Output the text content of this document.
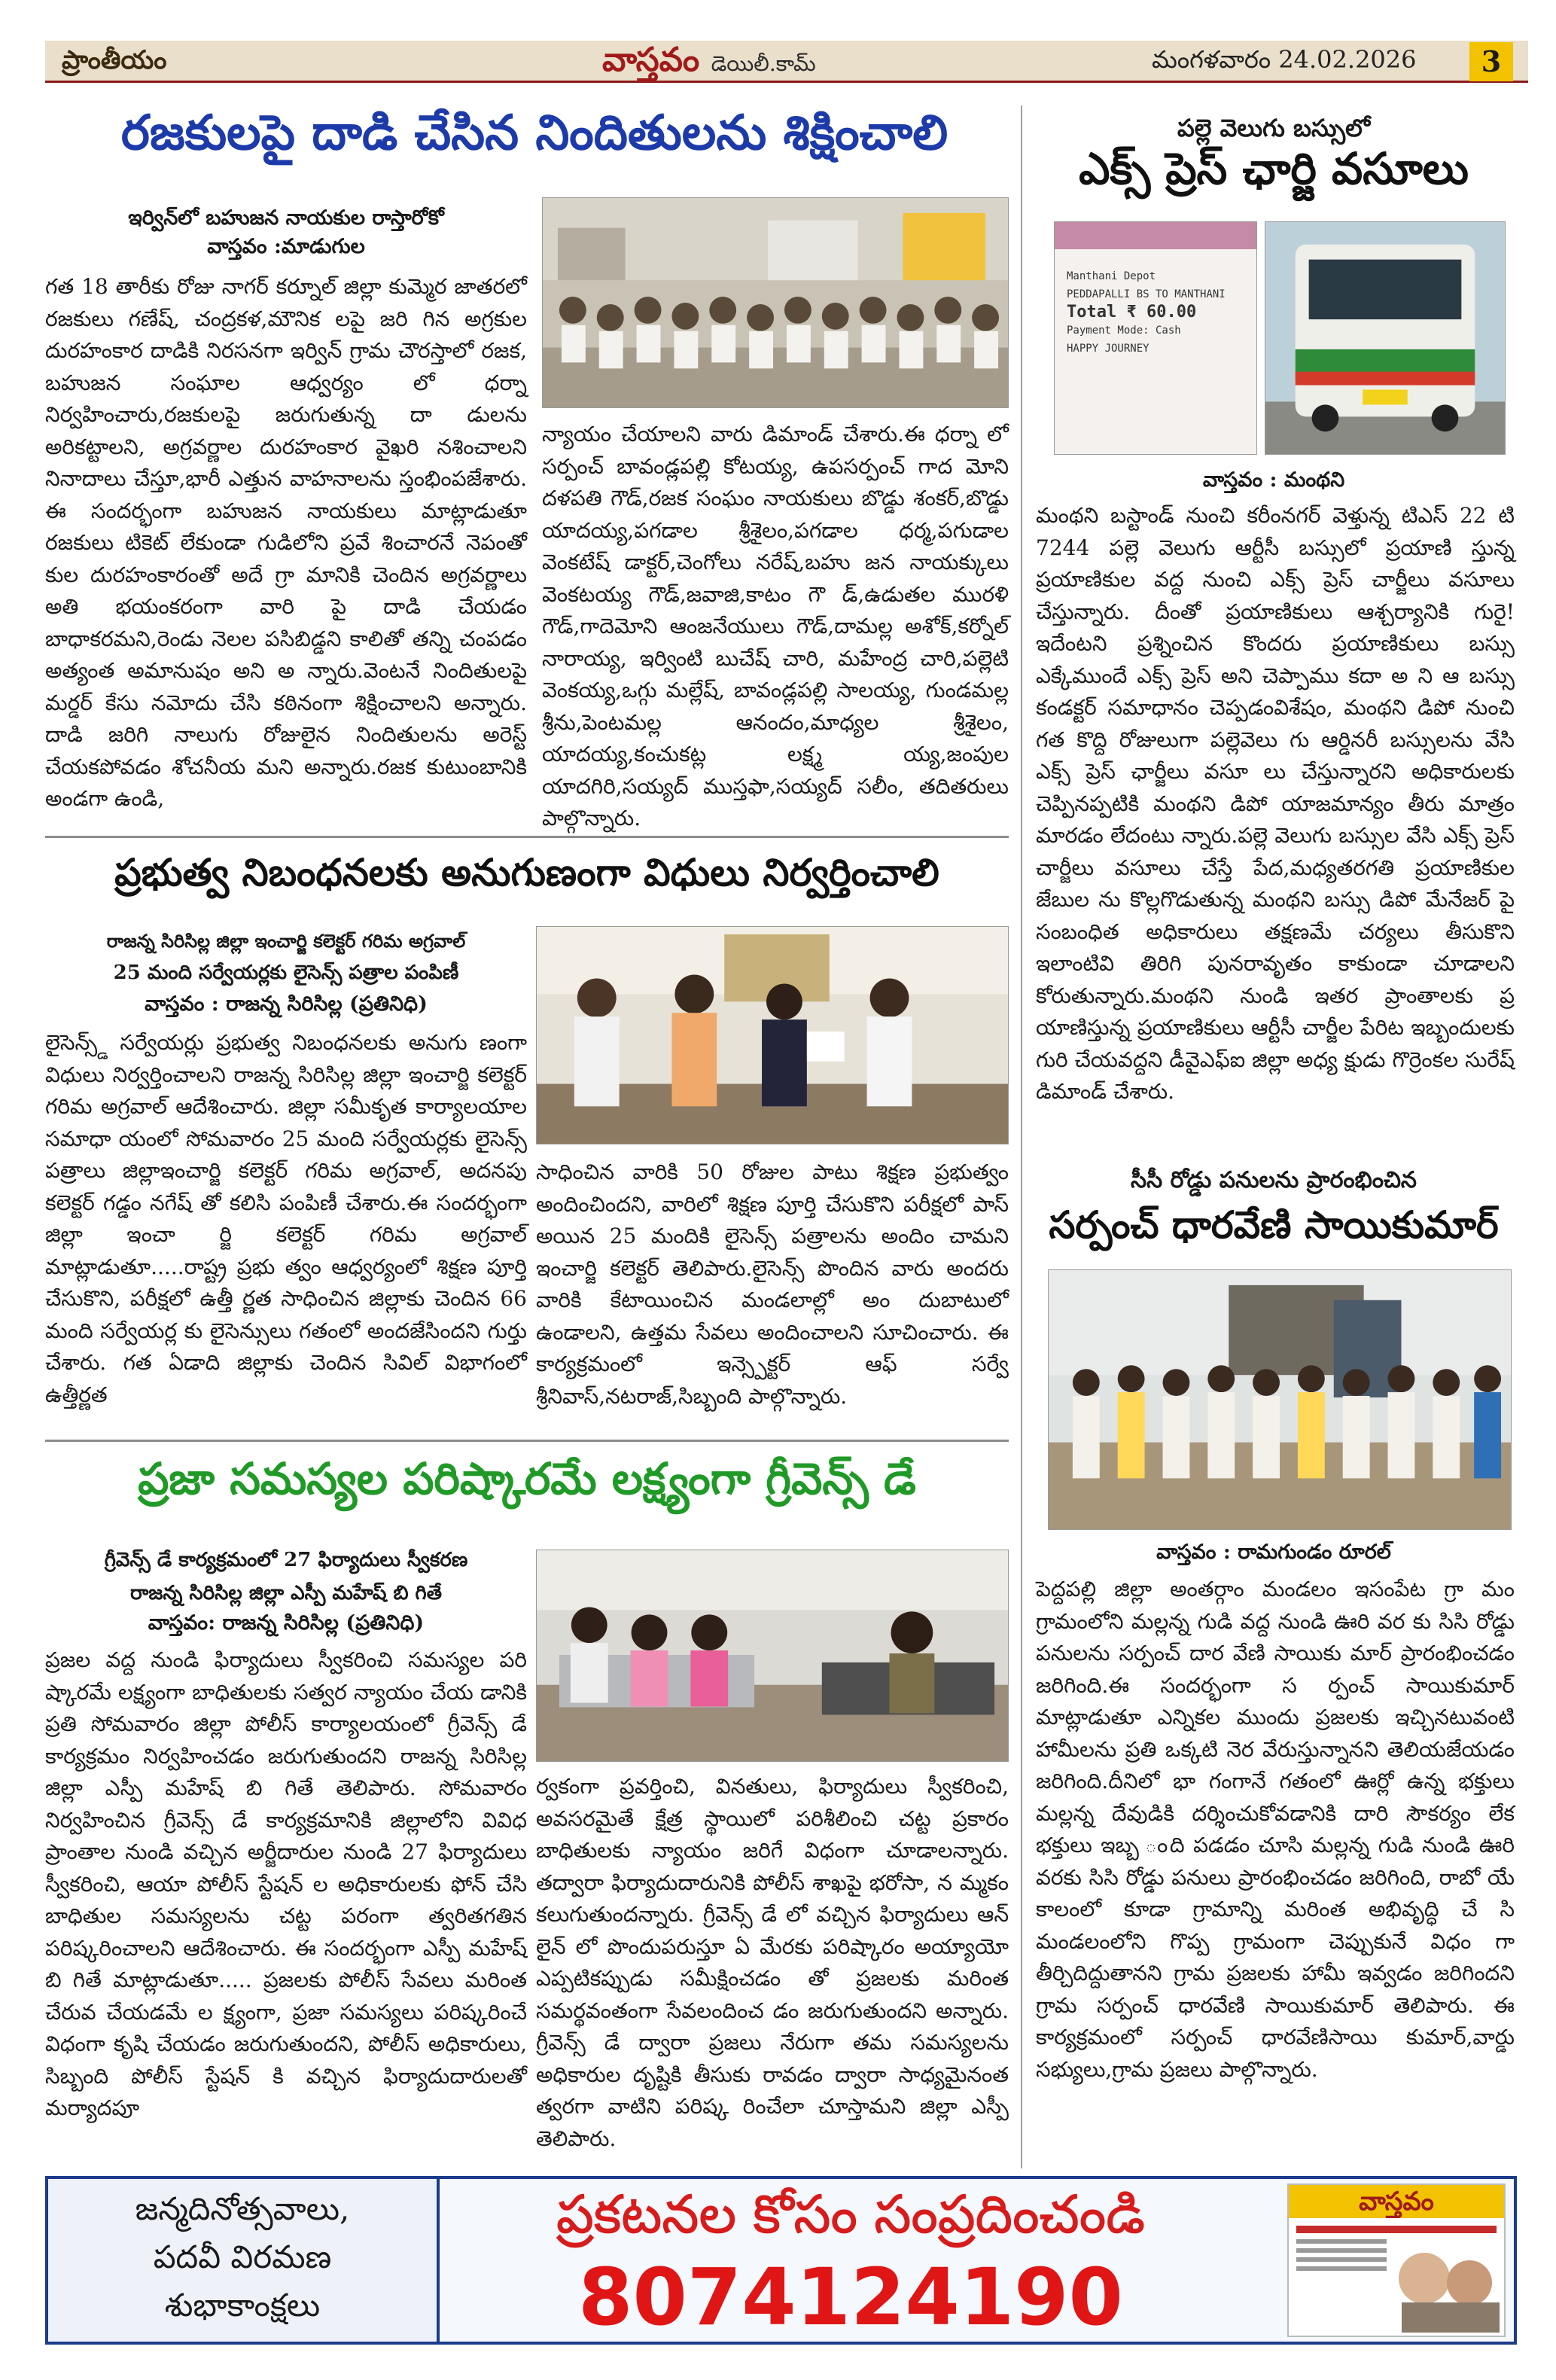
ప్రాంతీయం	వాస్తవం డెయిలీ.కామ్	మంగళవారం 24.02.2026	3
రజకులపై దాడి చేసిన నిందితులను శిక్షించాలి
ఇర్విన్‌లో బహుజన నాయకుల రాస్తారోకో
వాస్తవం :మాడుగుల
గత 18 తారీకు రోజు నాగర్ కర్నూల్ జిల్లా కుమ్మెర జాతరలో రజకులు గణేష్, చంద్రకళ,మౌనిక లపై జరి గిన అగ్రకుల దురహంకార దాడికి నిరసనగా ఇర్విన్ గ్రామ చౌరస్తాలో రజక, బహుజన సంఘాల ఆధ్వర్యం లో ధర్నా నిర్వహించారు,రజకులపై జరుగుతున్న దా డులను అరికట్టాలని, అగ్రవర్ణాల దురహంకార వైఖరి నశించాలని నినాదాలు చేస్తూ,భారీ ఎత్తున వాహనాలను స్తంభింపజేశారు. ఈ సందర్భంగా బహుజన నాయకులు మాట్లాడుతూ రజకులు టికెట్ లేకుండా గుడిలోని ప్రవే శించారనే నెపంతో కుల దురహంకారంతో అదే గ్రా మానికి చెందిన అగ్రవర్ణాలు అతి భయంకరంగా వారి పై దాడి చేయడం బాధాకరమని,రెండు నెలల పసిబిడ్డని కాలితో తన్ని చంపడం అత్యంత అమానుషం అని అ న్నారు.వెంటనే నిందితులపై మర్డర్ కేసు నమోదు చేసి కఠినంగా శిక్షించాలని అన్నారు. దాడి జరిగి నాలుగు రోజులైన నిందితులను అరెస్ట్ చేయకపోవడం శోచనీయ మని అన్నారు.రజక కుటుంబానికి అండగా ఉండి,
న్యాయం చేయాలని వారు డిమాండ్ చేశారు.ఈ ధర్నా లో సర్పంచ్ బావండ్లపల్లి కోటయ్య, ఉపసర్పంచ్ గాద మోని దళపతి గౌడ్,రజక సంఘం నాయకులు బొడ్డు శంకర్,బొడ్డు యాదయ్య,పగడాల శ్రీశైలం,పగడాల ధర్మ,పగుడాల వెంకటేష్ డాక్టర్,చెంగోలు నరేష్,బహు జన నాయక్కులు వెంకటయ్య గౌడ్,జవాజి,కాటం గౌ డ్,ఉడుతల మురళి గౌడ్,గాదెమోని ఆంజనేయులు గౌడ్,దామల్ల అశోక్,కర్నోల్ నారాయ్య, ఇర్వింటి బుచేష్ చారి, మహేంద్ర చారి,పల్లెటి వెంకయ్య,ఒగ్గు మల్లేష్, బావండ్లపల్లి సాలయ్య, గుండమల్ల శ్రీను,పెంటమల్ల ఆనందం,మాధ్యల శ్రీశైలం, యాదయ్య,కంచుకట్ల లక్ష్మ య్య,జంపుల యాదగిరి,సయ్యద్ ముస్తఫా,సయ్యద్ సలీం, తదితరులు పాల్గొన్నారు.
ప్రభుత్వ నిబంధనలకు అనుగుణంగా విధులు నిర్వర్తించాలి
రాజన్న సిరిసిల్ల జిల్లా ఇంచార్జి కలెక్టర్ గరిమ అగ్రవాల్
25 మంది సర్వేయర్లకు లైసెన్స్ పత్రాల పంపిణీ
వాస్తవం : రాజన్న సిరిసిల్ల (ప్రతినిధి)
లైసెన్స్డ్ సర్వేయర్లు ప్రభుత్వ నిబంధనలకు అనుగు ణంగా విధులు నిర్వర్తించాలని రాజన్న సిరిసిల్ల జిల్లా ఇంచార్జి కలెక్టర్ గరిమ అగ్రవాల్ ఆదేశించారు. జిల్లా సమీకృత కార్యాలయాల సమాధా యంలో సోమవారం 25 మంది సర్వేయర్లకు లైసెన్స్ పత్రాలు జిల్లాఇంచార్జి కలెక్టర్ గరిమ అగ్రవాల్, అదనపు కలెక్టర్ గడ్డం నగేష్ తో కలిసి పంపిణీ చేశారు.ఈ సందర్భంగా జిల్లా ఇంచా ర్జి కలెక్టర్ గరిమ అగ్రవాల్ మాట్లాడుతూ.....రాష్ట్ర ప్రభు త్వం ఆధ్వర్యంలో శిక్షణ పూర్తి చేసుకొని, పరీక్షలో ఉత్తీ ర్ణత సాధించిన జిల్లాకు చెందిన 66 మంది సర్వేయర్ల కు లైసెన్సులు గతంలో అందజేసిందని గుర్తు చేశారు. గత ఏడాది జిల్లాకు చెందిన సివిల్ విభాగంలో ఉత్తీర్ణత
సాధించిన వారికి 50 రోజుల పాటు శిక్షణ ప్రభుత్వం అందించిందని, వారిలో శిక్షణ పూర్తి చేసుకొని పరీక్షలో పాస్ అయిన 25 మందికి లైసెన్స్ పత్రాలను అందిం చామని ఇంచార్జి కలెక్టర్ తెలిపారు.లైసెన్స్ పొందిన వారు అందరు వారికి కేటాయించిన మండలాల్లో అం దుబాటులో ఉండాలని, ఉత్తమ సేవలు అందించాలని సూచించారు. ఈ కార్యక్రమంలో ఇన్స్పెక్టర్ ఆఫ్ సర్వే శ్రీనివాస్,నటరాజ్,సిబ్బంది పాల్గొన్నారు.
ప్రజా సమస్యల పరిష్కారమే లక్ష్యంగా గ్రీవెన్స్ డే
గ్రీవెన్స్ డే కార్యక్రమంలో 27 ఫిర్యాదులు స్వీకరణ
రాజన్న సిరిసిల్ల జిల్లా ఎస్పీ మహేష్ బి గితే
వాస్తవం: రాజన్న సిరిసిల్ల (ప్రతినిధి)
ప్రజల వద్ద నుండి ఫిర్యాదులు స్వీకరించి సమస్యల పరి ష్కారమే లక్ష్యంగా బాధితులకు సత్వర న్యాయం చేయ డానికి ప్రతి సోమవారం జిల్లా పోలీస్ కార్యాలయంలో గ్రీవెన్స్ డే కార్యక్రమం నిర్వహించడం జరుగుతుందని రాజన్న సిరిసిల్ల జిల్లా ఎస్పీ మహేష్ బి గితే తెలిపారు. సోమవారం నిర్వహించిన గ్రీవెన్స్ డే కార్యక్రమానికి జిల్లాలోని వివిధ ప్రాంతాల నుండి వచ్చిన అర్జీదారుల నుండి 27 ఫిర్యాదులు స్వీకరించి, ఆయా పోలీస్ స్టేషన్ ల అధికారులకు ఫోన్ చేసి బాధితుల సమస్యలను చట్ట పరంగా త్వరితగతిన పరిష్కరించాలని ఆదేశించారు. ఈ సందర్భంగా ఎస్పీ మహేష్ బి గితే మాట్లాడుతూ..... ప్రజలకు పోలీస్ సేవలు మరింత చేరువ చేయడమే ల క్ష్యంగా, ప్రజా సమస్యలు పరిష్కరించే విధంగా కృషి చేయడం జరుగుతుందని, పోలీస్ అధికారులు, సిబ్బంది పోలీస్ స్టేషన్ కి వచ్చిన ఫిర్యాదుదారులతో మర్యాదపూ
ర్వకంగా ప్రవర్తించి, వినతులు, ఫిర్యాదులు స్వీకరించి, అవసరమైతే క్షేత్ర స్థాయిలో పరిశీలించి చట్ట ప్రకారం బాధితులకు న్యాయం జరిగే విధంగా చూడాలన్నారు. తద్వారా ఫిర్యాదుదారునికి పోలీస్ శాఖపై భరోసా, న మ్మకం కలుగుతుందన్నారు. గ్రీవెన్స్ డే లో వచ్చిన ఫిర్యాదులు ఆన్ లైన్ లో పొందుపరుస్తూ ఏ మేరకు పరిష్కారం అయ్యాయో ఎప్పటికప్పుడు సమీక్షించడం తో ప్రజలకు మరింత సమర్థవంతంగా సేవలందించ డం జరుగుతుందని అన్నారు. గ్రీవెన్స్ డే ద్వారా ప్రజలు నేరుగా తమ సమస్యలను అధికారుల దృష్టికి తీసుకు రావడం ద్వారా సాధ్యమైనంత త్వరగా వాటిని పరిష్క రించేలా చూస్తామని జిల్లా ఎస్పీ తెలిపారు.
పల్లె వెలుగు బస్సులో
ఎక్స్ ప్రెస్ ఛార్జి వసూలు
Manthani Depot
PEDDAPALLI BS TO MANTHANI
Total ₹ 60.00
Payment Mode: Cash
HAPPY JOURNEY
వాస్తవం : మంథని
మంథని బస్టాండ్ నుంచి కరీంనగర్ వెళ్తున్న టిఎస్ 22 టి 7244 పల్లె వెలుగు ఆర్టీసీ బస్సులో ప్రయాణి స్తున్న ప్రయాణికుల వద్ద నుంచి ఎక్స్ ప్రెస్ చార్జీలు వసూలు చేస్తున్నారు. దీంతో ప్రయాణికులు ఆశ్చర్యానికి గురై! ఇదేంటని ప్రశ్నించిన కొందరు ప్రయాణికులు బస్సు ఎక్కేముందే ఎక్స్ ప్రెస్ అని చెప్పాము కదా అ ని ఆ బస్సు కండక్టర్ సమాధానం చెప్పడంవిశేషం, మంథని డిపో నుంచి గత కొద్ది రోజులుగా పల్లెవెలు గు ఆర్డినరీ బస్సులను వేసి ఎక్స్ ప్రెస్ ఛార్జీలు వసూ లు చేస్తున్నారని అధికారులకు చెప్పినప్పటికి మంథని డిపో యాజమాన్యం తీరు మాత్రం మారడం లేదంటు న్నారు.పల్లె వెలుగు బస్సుల వేసి ఎక్స్ ప్రెస్ చార్జీలు వసూలు చేస్తే పేద,మధ్యతరగతి ప్రయాణికుల జేబుల ను కొల్లగొడుతున్న మంథని బస్సు డిపో మేనేజర్ పై సంబంధిత అధికారులు తక్షణమే చర్యలు తీసుకొని ఇలాంటివి తిరిగి పునరావృతం కాకుండా చూడాలని కోరుతున్నారు.మంథని నుండి ఇతర ప్రాంతాలకు ప్ర యాణిస్తున్న ప్రయాణికులు ఆర్టీసీ చార్జీల పేరిట ఇబ్బందులకు గురి చేయవద్దని డీవైఎఫ్ఐ జిల్లా అధ్య క్షుడు గొర్రెంకల సురేష్ డిమాండ్ చేశారు.
సీసీ రోడ్డు పనులను ప్రారంభించిన
సర్పంచ్ ధారవేణి సాయికుమార్
వాస్తవం : రామగుండం రూరల్
పెద్దపల్లి జిల్లా అంతర్గాం మండలం ఇసంపేట గ్రా మం గ్రామంలోని మల్లన్న గుడి వద్ద నుండి ఊరి వర కు సిసి రోడ్డు పనులను సర్పంచ్ దార వేణి సాయికు మార్ ప్రారంభించడం జరిగింది.ఈ సందర్భంగా స ర్పంచ్ సాయికుమార్ మాట్లాడుతూ ఎన్నికల ముందు ప్రజలకు ఇచ్చినటువంటి హామీలను ప్రతి ఒక్కటి నెర వేరుస్తున్నానని తెలియజేయడం జరిగింది.దీనిలో భా గంగానే గతంలో ఊర్లో ఉన్న భక్తులు మల్లన్న దేవుడికి దర్శించుకోవడానికి దారి సౌకర్యం లేక భక్తులు ఇబ్బ ంది పడడం చూసి మల్లన్న గుడి నుండి ఊరి వరకు సిసి రోడ్డు పనులు ప్రారంభించడం జరిగింది, రాబో యే కాలంలో కూడా గ్రామాన్ని మరింత అభివృద్ధి చే సి మండలంలోని గొప్ప గ్రామంగా చెప్పుకునే విధం గా తీర్చిదిద్దుతానని గ్రామ ప్రజలకు హామీ ఇవ్వడం జరిగిందని గ్రామ సర్పంచ్ ధారవేణి సాయికుమార్ తెలిపారు. ఈ కార్యక్రమంలో సర్పంచ్ ధారవేణిసాయి కుమార్,వార్డు సభ్యులు,గ్రామ ప్రజలు పాల్గొన్నారు.
జన్మదినోత్సవాలు,
పదవీ విరమణ
శుభాకాంక్షలు
ప్రకటనల కోసం సంప్రదించండి
8074124190
వాస్తవం
